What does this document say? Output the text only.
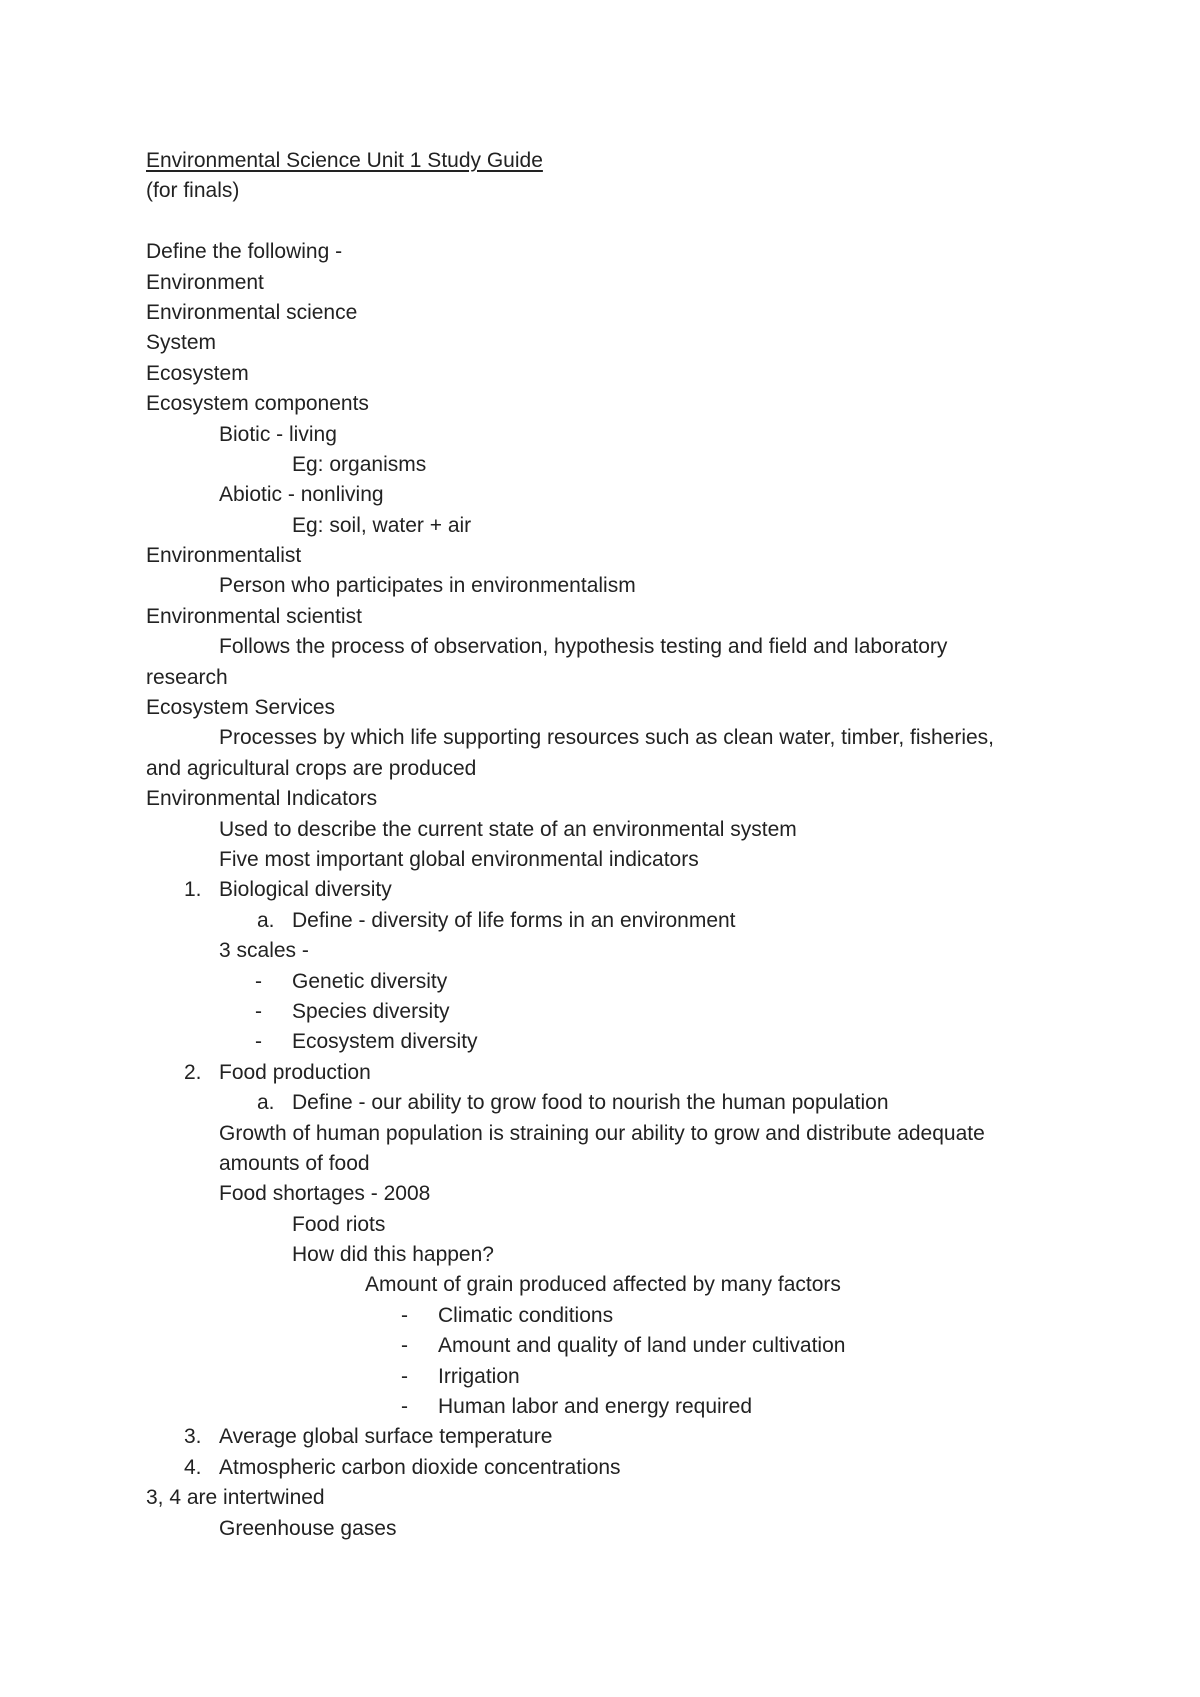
Environmental Science Unit 1 Study Guide
(for finals)
Define the following -
Environment
Environmental science
System
Ecosystem
Ecosystem components
Biotic - living
Eg: organisms
Abiotic - nonliving
Eg: soil, water + air
Environmentalist
Person who participates in environmentalism
Environmental scientist
Follows the process of observation, hypothesis testing and field and laboratory
research
Ecosystem Services
Processes by which life supporting resources such as clean water, timber, fisheries,
and agricultural crops are produced
Environmental Indicators
Used to describe the current state of an environmental system
Five most important global environmental indicators
1. Biological diversity
a. Define - diversity of life forms in an environment
3 scales -
- Genetic diversity
- Species diversity
- Ecosystem diversity
2. Food production
a. Define - our ability to grow food to nourish the human population
Growth of human population is straining our ability to grow and distribute adequate
amounts of food
Food shortages - 2008
Food riots
How did this happen?
Amount of grain produced affected by many factors
- Climatic conditions
- Amount and quality of land under cultivation
- Irrigation
- Human labor and energy required
3. Average global surface temperature
4. Atmospheric carbon dioxide concentrations
3, 4 are intertwined
Greenhouse gases
